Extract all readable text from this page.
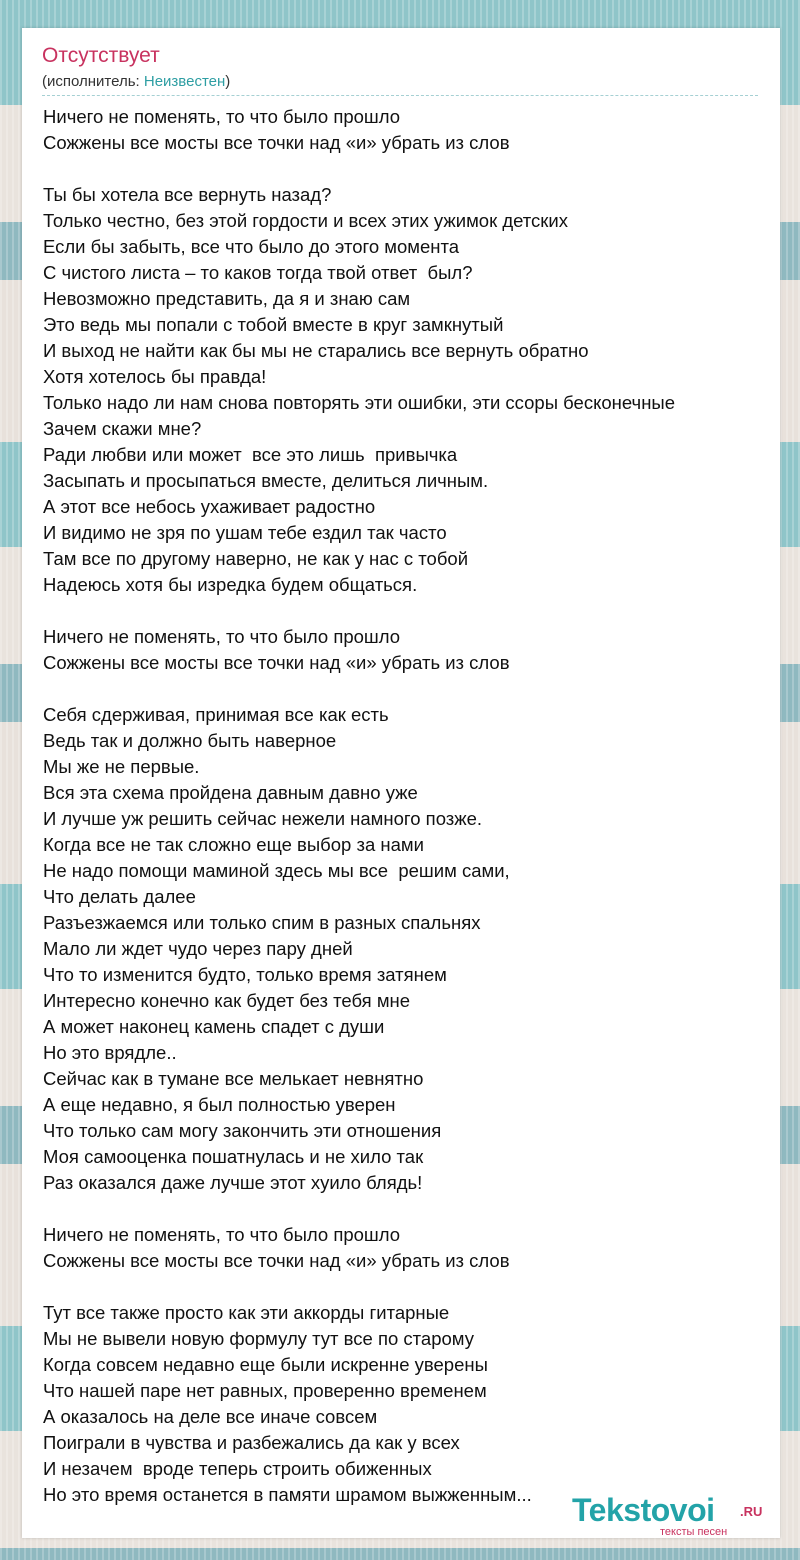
Отсутствует
(исполнитель: Неизвестен)
Ничего не поменять, то что было прошло
Сожжены все мосты все точки над «и» убрать из слов
Ты бы хотела все вернуть назад?
Только честно, без этой гордости и всех этих ужимок детских
Если бы забыть, все что было до этого момента
С чистого листа – то каков тогда твой ответ  был?
Невозможно представить, да я и знаю сам
Это ведь мы попали с тобой вместе в круг замкнутый
И выход не найти как бы мы не старались все вернуть обратно
Хотя хотелось бы правда!
Только надо ли нам снова повторять эти ошибки, эти ссоры бесконечные
Зачем скажи мне?
Ради любви или может  все это лишь  привычка
Засыпать и просыпаться вместе, делиться личным.
А этот все небось ухаживает радостно
И видимо не зря по ушам тебе ездил так часто
Там все по другому наверно, не как у нас с тобой
Надеюсь хотя бы изредка будем общаться.
Ничего не поменять, то что было прошло
Сожжены все мосты все точки над «и» убрать из слов
Себя сдерживая, принимая все как есть
Ведь так и должно быть наверное
Мы же не первые.
Вся эта схема пройдена давным давно уже
И лучше уж решить сейчас нежели намного позже.
Когда все не так сложно еще выбор за нами
Не надо помощи маминой здесь мы все  решим сами,
Что делать далее
Разъезжаемся или только спим в разных спальнях
Мало ли ждет чудо через пару дней
Что то изменится будто, только время затянем
Интересно конечно как будет без тебя мне
А может наконец камень спадет с души
Но это врядле..
Сейчас как в тумане все мелькает невнятно
А еще недавно, я был полностью уверен
Что только сам могу закончить эти отношения
Моя самооценка пошатнулась и не хило так
Раз оказался даже лучше этот хуило блядь!
Ничего не поменять, то что было прошло
Сожжены все мосты все точки над «и» убрать из слов
Тут все также просто как эти аккорды гитарные
Мы не вывели новую формулу тут все по старому
Когда совсем недавно еще были искренне уверены
Что нашей паре нет равных, проверенно временем
А оказалось на деле все иначе совсем
Поиграли в чувства и разбежались да как у всех
И незачем  вроде теперь строить обиженных
Но это время останется в памяти шрамом выжженным...	Tekstovoi .RU
тексты песен
